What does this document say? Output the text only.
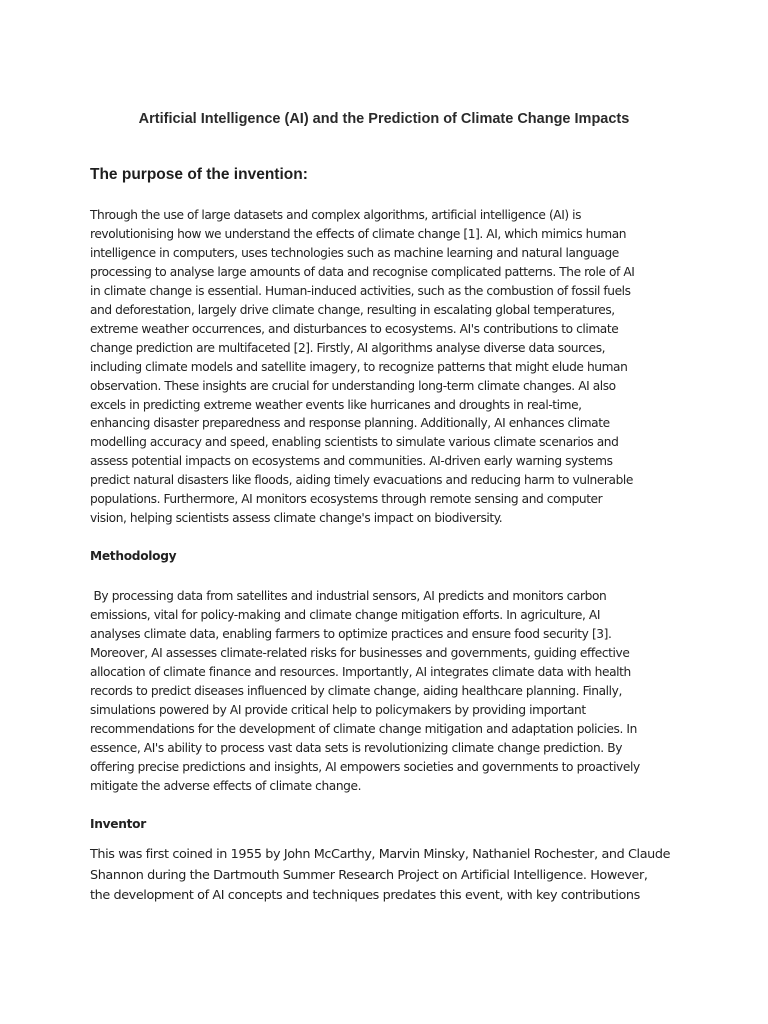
Artificial Intelligence (AI) and the Prediction of Climate Change Impacts
The purpose of the invention:

Through the use of large datasets and complex algorithms, artificial intelligence (AI) is
revolutionising how we understand the effects of climate change [1]. AI, which mimics human
intelligence in computers, uses technologies such as machine learning and natural language
processing to analyse large amounts of data and recognise complicated patterns. The role of AI
in climate change is essential. Human-induced activities, such as the combustion of fossil fuels
and deforestation, largely drive climate change, resulting in escalating global temperatures,
extreme weather occurrences, and disturbances to ecosystems. AI's contributions to climate
change prediction are multifaceted [2]. Firstly, AI algorithms analyse diverse data sources,
including climate models and satellite imagery, to recognize patterns that might elude human
observation. These insights are crucial for understanding long-term climate changes. AI also
excels in predicting extreme weather events like hurricanes and droughts in real-time,
enhancing disaster preparedness and response planning. Additionally, AI enhances climate
modelling accuracy and speed, enabling scientists to simulate various climate scenarios and
assess potential impacts on ecosystems and communities. AI-driven early warning systems
predict natural disasters like floods, aiding timely evacuations and reducing harm to vulnerable
populations. Furthermore, AI monitors ecosystems through remote sensing and computer
vision, helping scientists assess climate change's impact on biodiversity.

Methodology

By processing data from satellites and industrial sensors, AI predicts and monitors carbon
emissions, vital for policy-making and climate change mitigation efforts. In agriculture, AI
analyses climate data, enabling farmers to optimize practices and ensure food security [3].
Moreover, AI assesses climate-related risks for businesses and governments, guiding effective
allocation of climate finance and resources. Importantly, AI integrates climate data with health
records to predict diseases influenced by climate change, aiding healthcare planning. Finally,
simulations powered by AI provide critical help to policymakers by providing important
recommendations for the development of climate change mitigation and adaptation policies. In
essence, AI's ability to process vast data sets is revolutionizing climate change prediction. By
offering precise predictions and insights, AI empowers societies and governments to proactively
mitigate the adverse effects of climate change.

Inventor

This was first coined in 1955 by John McCarthy, Marvin Minsky, Nathaniel Rochester, and Claude
Shannon during the Dartmouth Summer Research Project on Artificial Intelligence. However,
the development of AI concepts and techniques predates this event, with key contributions
